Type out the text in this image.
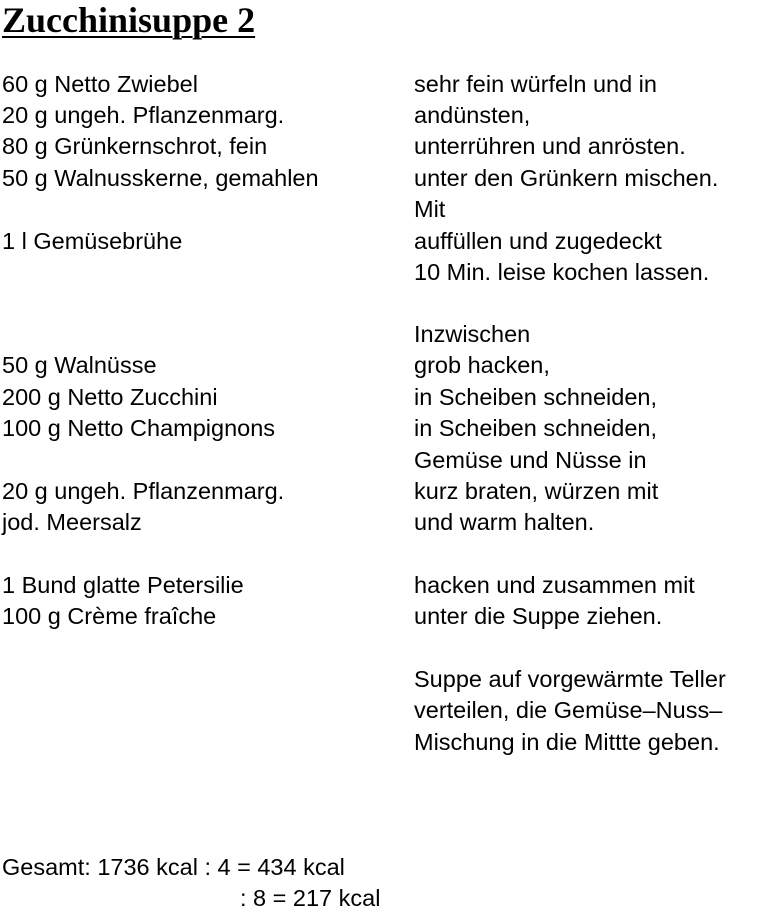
Zucchinisuppe 2
60 g Netto Zwiebel
20 g ungeh. Pflanzenmarg.
80 g Grünkernschrot, fein
50 g Walnusskerne, gemahlen
1 l Gemüsebrühe
50 g Walnüsse
200 g Netto Zucchini
100 g Netto Champignons
20 g ungeh. Pflanzenmarg.
jod. Meersalz
1 Bund glatte Petersilie
100 g Crème fraîche
sehr fein würfeln und in
andünsten,
unterrühren und anrösten.
unter den Grünkern mischen.
Mit
auffüllen und zugedeckt
10 Min. leise kochen lassen.
Inzwischen
grob hacken,
in Scheiben schneiden,
in Scheiben schneiden,
Gemüse und Nüsse in
kurz braten, würzen mit
und warm halten.
hacken und zusammen mit
unter die Suppe ziehen.
Suppe auf vorgewärmte Teller
verteilen, die Gemüse–Nuss–
Mischung in die Mittte geben.
Gesamt: 1736 kcal : 4 = 434 kcal
: 8 = 217 kcal
